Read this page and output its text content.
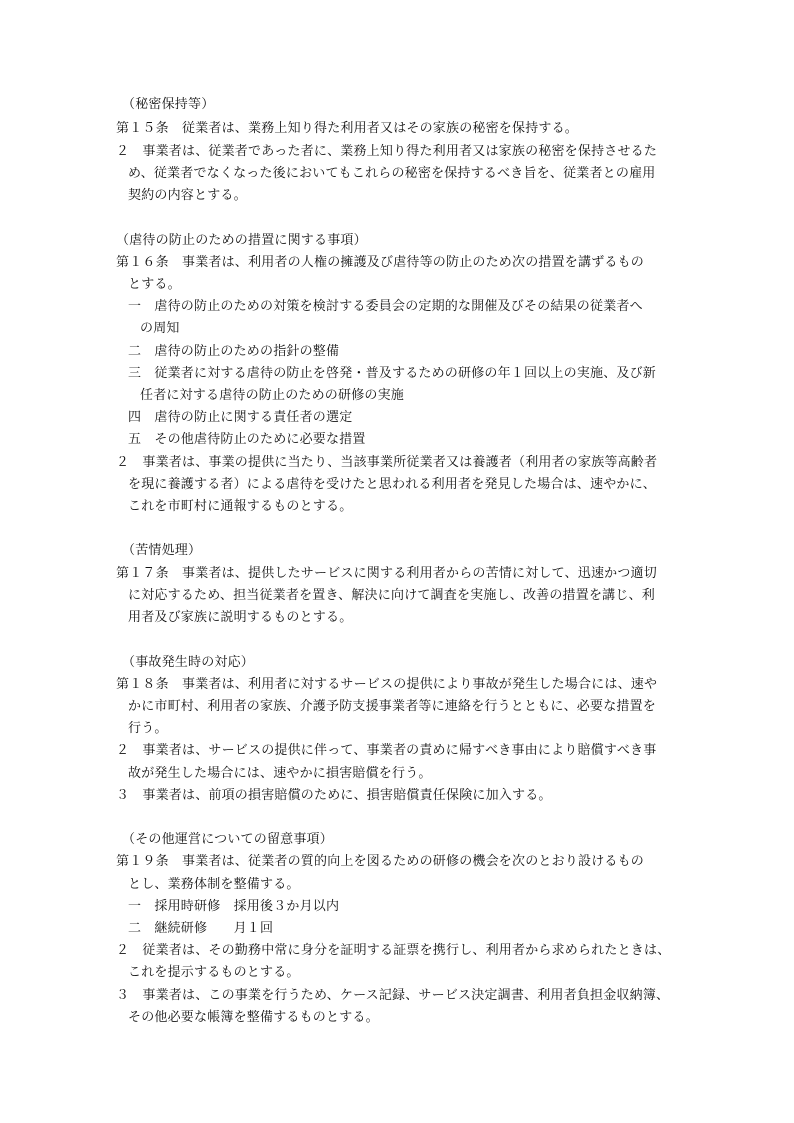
（秘密保持等）
第１５条　従業者は、業務上知り得た利用者又はその家族の秘密を保持する。
２　事業者は、従業者であった者に、業務上知り得た利用者又は家族の秘密を保持させるた
め、従業者でなくなった後においてもこれらの秘密を保持するべき旨を、従業者との雇用
契約の内容とする。
（虐待の防止のための措置に関する事項）
第１６条　事業者は、利用者の人権の擁護及び虐待等の防止のため次の措置を講ずるもの
とする。
一　虐待の防止のための対策を検討する委員会の定期的な開催及びその結果の従業者へ
の周知
二　虐待の防止のための指針の整備
三　従業者に対する虐待の防止を啓発・普及するための研修の年１回以上の実施、及び新
任者に対する虐待の防止のための研修の実施
四　虐待の防止に関する責任者の選定
五　その他虐待防止のために必要な措置
２　事業者は、事業の提供に当たり、当該事業所従業者又は養護者（利用者の家族等高齢者
を現に養護する者）による虐待を受けたと思われる利用者を発見した場合は、速やかに、
これを市町村に通報するものとする。
（苦情処理）
第１７条　事業者は、提供したサービスに関する利用者からの苦情に対して、迅速かつ適切
に対応するため、担当従業者を置き、解決に向けて調査を実施し、改善の措置を講じ、利
用者及び家族に説明するものとする。
（事故発生時の対応）
第１８条　事業者は、利用者に対するサービスの提供により事故が発生した場合には、速や
かに市町村、利用者の家族、介護予防支援事業者等に連絡を行うとともに、必要な措置を
行う。
２　事業者は、サービスの提供に伴って、事業者の責めに帰すべき事由により賠償すべき事
故が発生した場合には、速やかに損害賠償を行う。
３　事業者は、前項の損害賠償のために、損害賠償責任保険に加入する。
（その他運営についての留意事項）
第１９条　事業者は、従業者の質的向上を図るための研修の機会を次のとおり設けるもの
とし、業務体制を整備する。
一　採用時研修　採用後３か月以内
二　継続研修　　月１回
２　従業者は、その勤務中常に身分を証明する証票を携行し、利用者から求められたときは、
これを提示するものとする。
３　事業者は、この事業を行うため、ケース記録、サービス決定調書、利用者負担金収納簿、
その他必要な帳簿を整備するものとする。
